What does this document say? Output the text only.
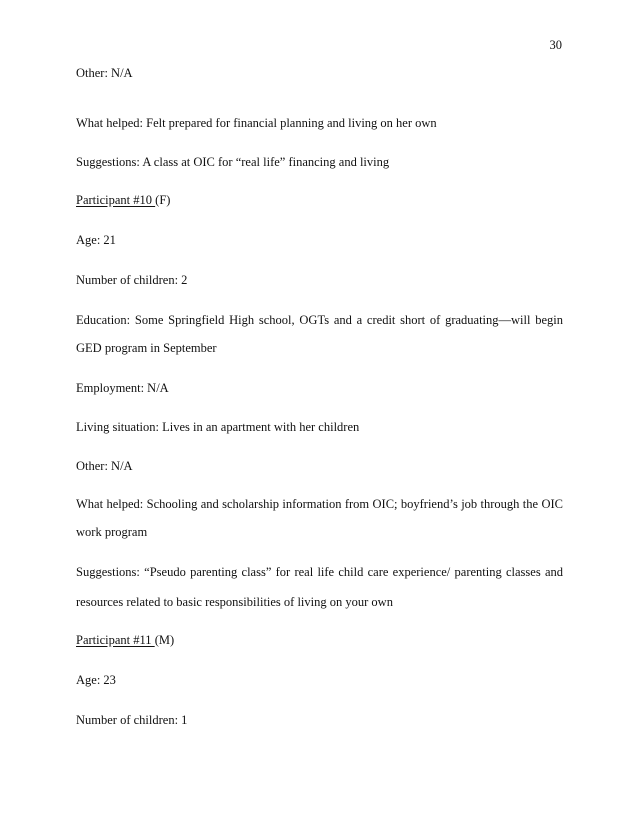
30

Other: N/A

What helped: Felt prepared for financial planning and living on her own

Suggestions: A class at OIC for “real life” financing and living

Participant #10 (F)

Age: 21

Number of children: 2

Education: Some Springfield High school, OGTs and a credit short of graduating—will begin

GED program in September

Employment: N/A

Living situation: Lives in an apartment with her children

Other: N/A

What helped: Schooling and scholarship information from OIC; boyfriend’s job through the OIC

work program

Suggestions: “Pseudo parenting class” for real life child care experience/ parenting classes and

resources related to basic responsibilities of living on your own

Participant #11 (M)

Age: 23

Number of children: 1
